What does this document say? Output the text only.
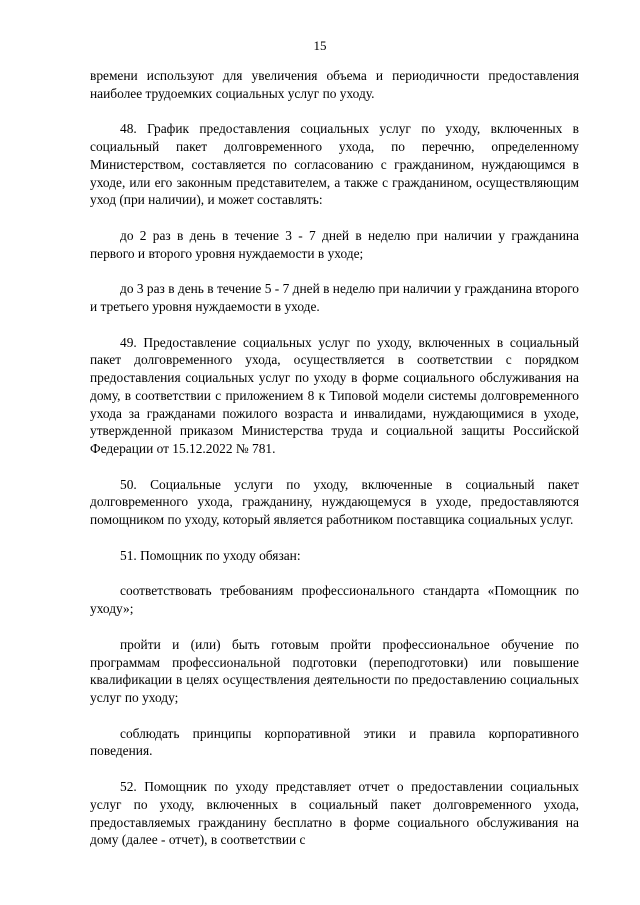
15

времени используют для увеличения объема и периодичности предоставления наиболее трудоемких социальных услуг по уходу.

48. График предоставления социальных услуг по уходу, включенных в социальный пакет долговременного ухода, по перечню, определенному Министерством, составляется по согласованию с гражданином, нуждающимся в уходе, или его законным представителем, а также с гражданином, осуществляющим уход (при наличии), и может составлять:

до 2 раз в день в течение 3 - 7 дней в неделю при наличии у гражданина первого и второго уровня нуждаемости в уходе;

до 3 раз в день в течение 5 - 7 дней в неделю при наличии у гражданина второго и третьего уровня нуждаемости в уходе.

49. Предоставление социальных услуг по уходу, включенных в социальный пакет долговременного ухода, осуществляется в соответствии с порядком предоставления социальных услуг по уходу в форме социального обслуживания на дому, в соответствии с приложением 8 к Типовой модели системы долговременного ухода за гражданами пожилого возраста и инвалидами, нуждающимися в уходе, утвержденной приказом Министерства труда и социальной защиты Российской Федерации от 15.12.2022 № 781.

50. Социальные услуги по уходу, включенные в социальный пакет долговременного ухода, гражданину, нуждающемуся в уходе, предоставляются помощником по уходу, который является работником поставщика социальных услуг.

51. Помощник по уходу обязан:

соответствовать требованиям профессионального стандарта «Помощник по уходу»;

пройти и (или) быть готовым пройти профессиональное обучение по программам профессиональной подготовки (переподготовки) или повышение квалификации в целях осуществления деятельности по предоставлению социальных услуг по уходу;

соблюдать принципы корпоративной этики и правила корпоративного поведения.

52. Помощник по уходу представляет отчет о предоставлении социальных услуг по уходу, включенных в социальный пакет долговременного ухода, предоставляемых гражданину бесплатно в форме социального обслуживания на дому (далее - отчет), в соответствии с
